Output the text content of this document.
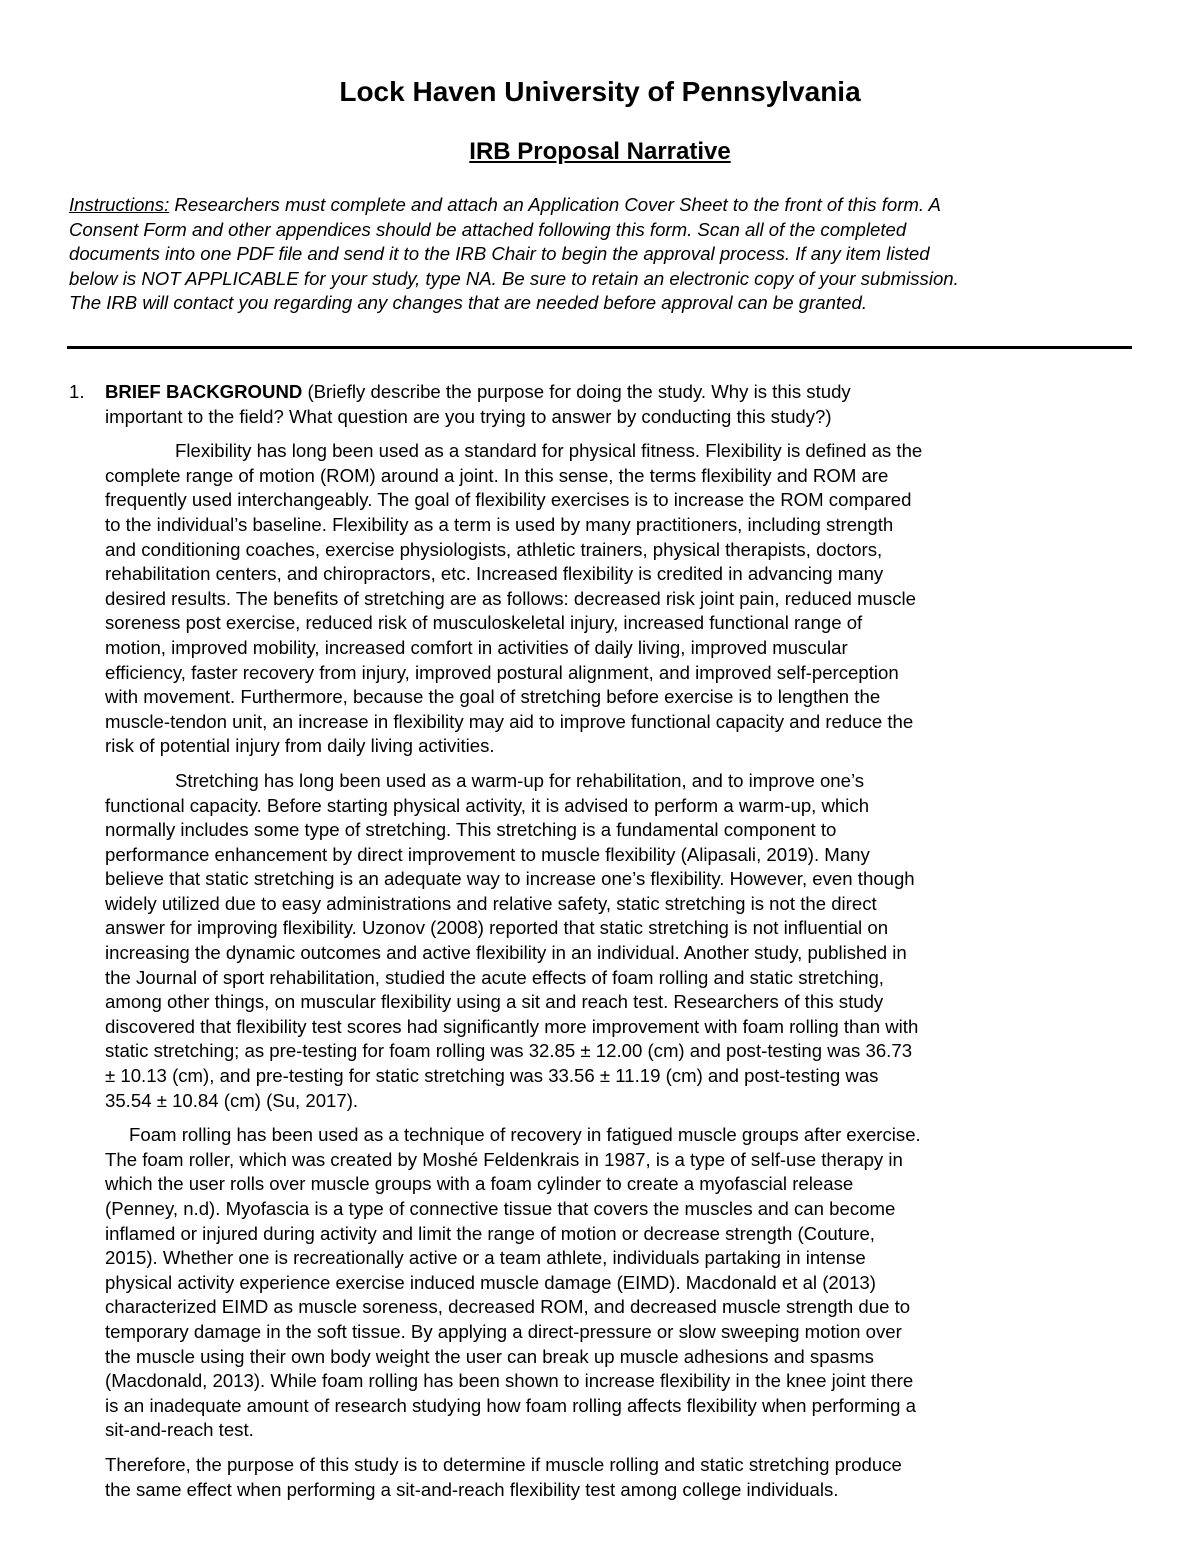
Lock Haven University of Pennsylvania
IRB Proposal Narrative
Instructions: Researchers must complete and attach an Application Cover Sheet to the front of this form. A
Consent Form and other appendices should be attached following this form. Scan all of the completed
documents into one PDF file and send it to the IRB Chair to begin the approval process. If any item listed
below is NOT APPLICABLE for your study, type NA. Be sure to retain an electronic copy of your submission.
The IRB will contact you regarding any changes that are needed before approval can be granted.
1. BRIEF BACKGROUND (Briefly describe the purpose for doing the study. Why is this study
important to the field? What question are you trying to answer by conducting this study?)
Flexibility has long been used as a standard for physical fitness. Flexibility is defined as the
complete range of motion (ROM) around a joint. In this sense, the terms flexibility and ROM are
frequently used interchangeably. The goal of flexibility exercises is to increase the ROM compared
to the individual’s baseline. Flexibility as a term is used by many practitioners, including strength
and conditioning coaches, exercise physiologists, athletic trainers, physical therapists, doctors,
rehabilitation centers, and chiropractors, etc. Increased flexibility is credited in advancing many
desired results. The benefits of stretching are as follows: decreased risk joint pain, reduced muscle
soreness post exercise, reduced risk of musculoskeletal injury, increased functional range of
motion, improved mobility, increased comfort in activities of daily living, improved muscular
efficiency, faster recovery from injury, improved postural alignment, and improved self-perception
with movement. Furthermore, because the goal of stretching before exercise is to lengthen the
muscle-tendon unit, an increase in flexibility may aid to improve functional capacity and reduce the
risk of potential injury from daily living activities.
Stretching has long been used as a warm-up for rehabilitation, and to improve one’s
functional capacity. Before starting physical activity, it is advised to perform a warm-up, which
normally includes some type of stretching. This stretching is a fundamental component to
performance enhancement by direct improvement to muscle flexibility (Alipasali, 2019). Many
believe that static stretching is an adequate way to increase one’s flexibility. However, even though
widely utilized due to easy administrations and relative safety, static stretching is not the direct
answer for improving flexibility. Uzonov (2008) reported that static stretching is not influential on
increasing the dynamic outcomes and active flexibility in an individual. Another study, published in
the Journal of sport rehabilitation, studied the acute effects of foam rolling and static stretching,
among other things, on muscular flexibility using a sit and reach test. Researchers of this study
discovered that flexibility test scores had significantly more improvement with foam rolling than with
static stretching; as pre-testing for foam rolling was 32.85 ± 12.00 (cm) and post-testing was 36.73
± 10.13 (cm), and pre-testing for static stretching was 33.56 ± 11.19 (cm) and post-testing was
35.54 ± 10.84 (cm) (Su, 2017).
Foam rolling has been used as a technique of recovery in fatigued muscle groups after exercise.
The foam roller, which was created by Moshé Feldenkrais in 1987, is a type of self-use therapy in
which the user rolls over muscle groups with a foam cylinder to create a myofascial release
(Penney, n.d). Myofascia is a type of connective tissue that covers the muscles and can become
inflamed or injured during activity and limit the range of motion or decrease strength (Couture,
2015). Whether one is recreationally active or a team athlete, individuals partaking in intense
physical activity experience exercise induced muscle damage (EIMD). Macdonald et al (2013)
characterized EIMD as muscle soreness, decreased ROM, and decreased muscle strength due to
temporary damage in the soft tissue. By applying a direct-pressure or slow sweeping motion over
the muscle using their own body weight the user can break up muscle adhesions and spasms
(Macdonald, 2013). While foam rolling has been shown to increase flexibility in the knee joint there
is an inadequate amount of research studying how foam rolling affects flexibility when performing a
sit-and-reach test.
Therefore, the purpose of this study is to determine if muscle rolling and static stretching produce
the same effect when performing a sit-and-reach flexibility test among college individuals.
